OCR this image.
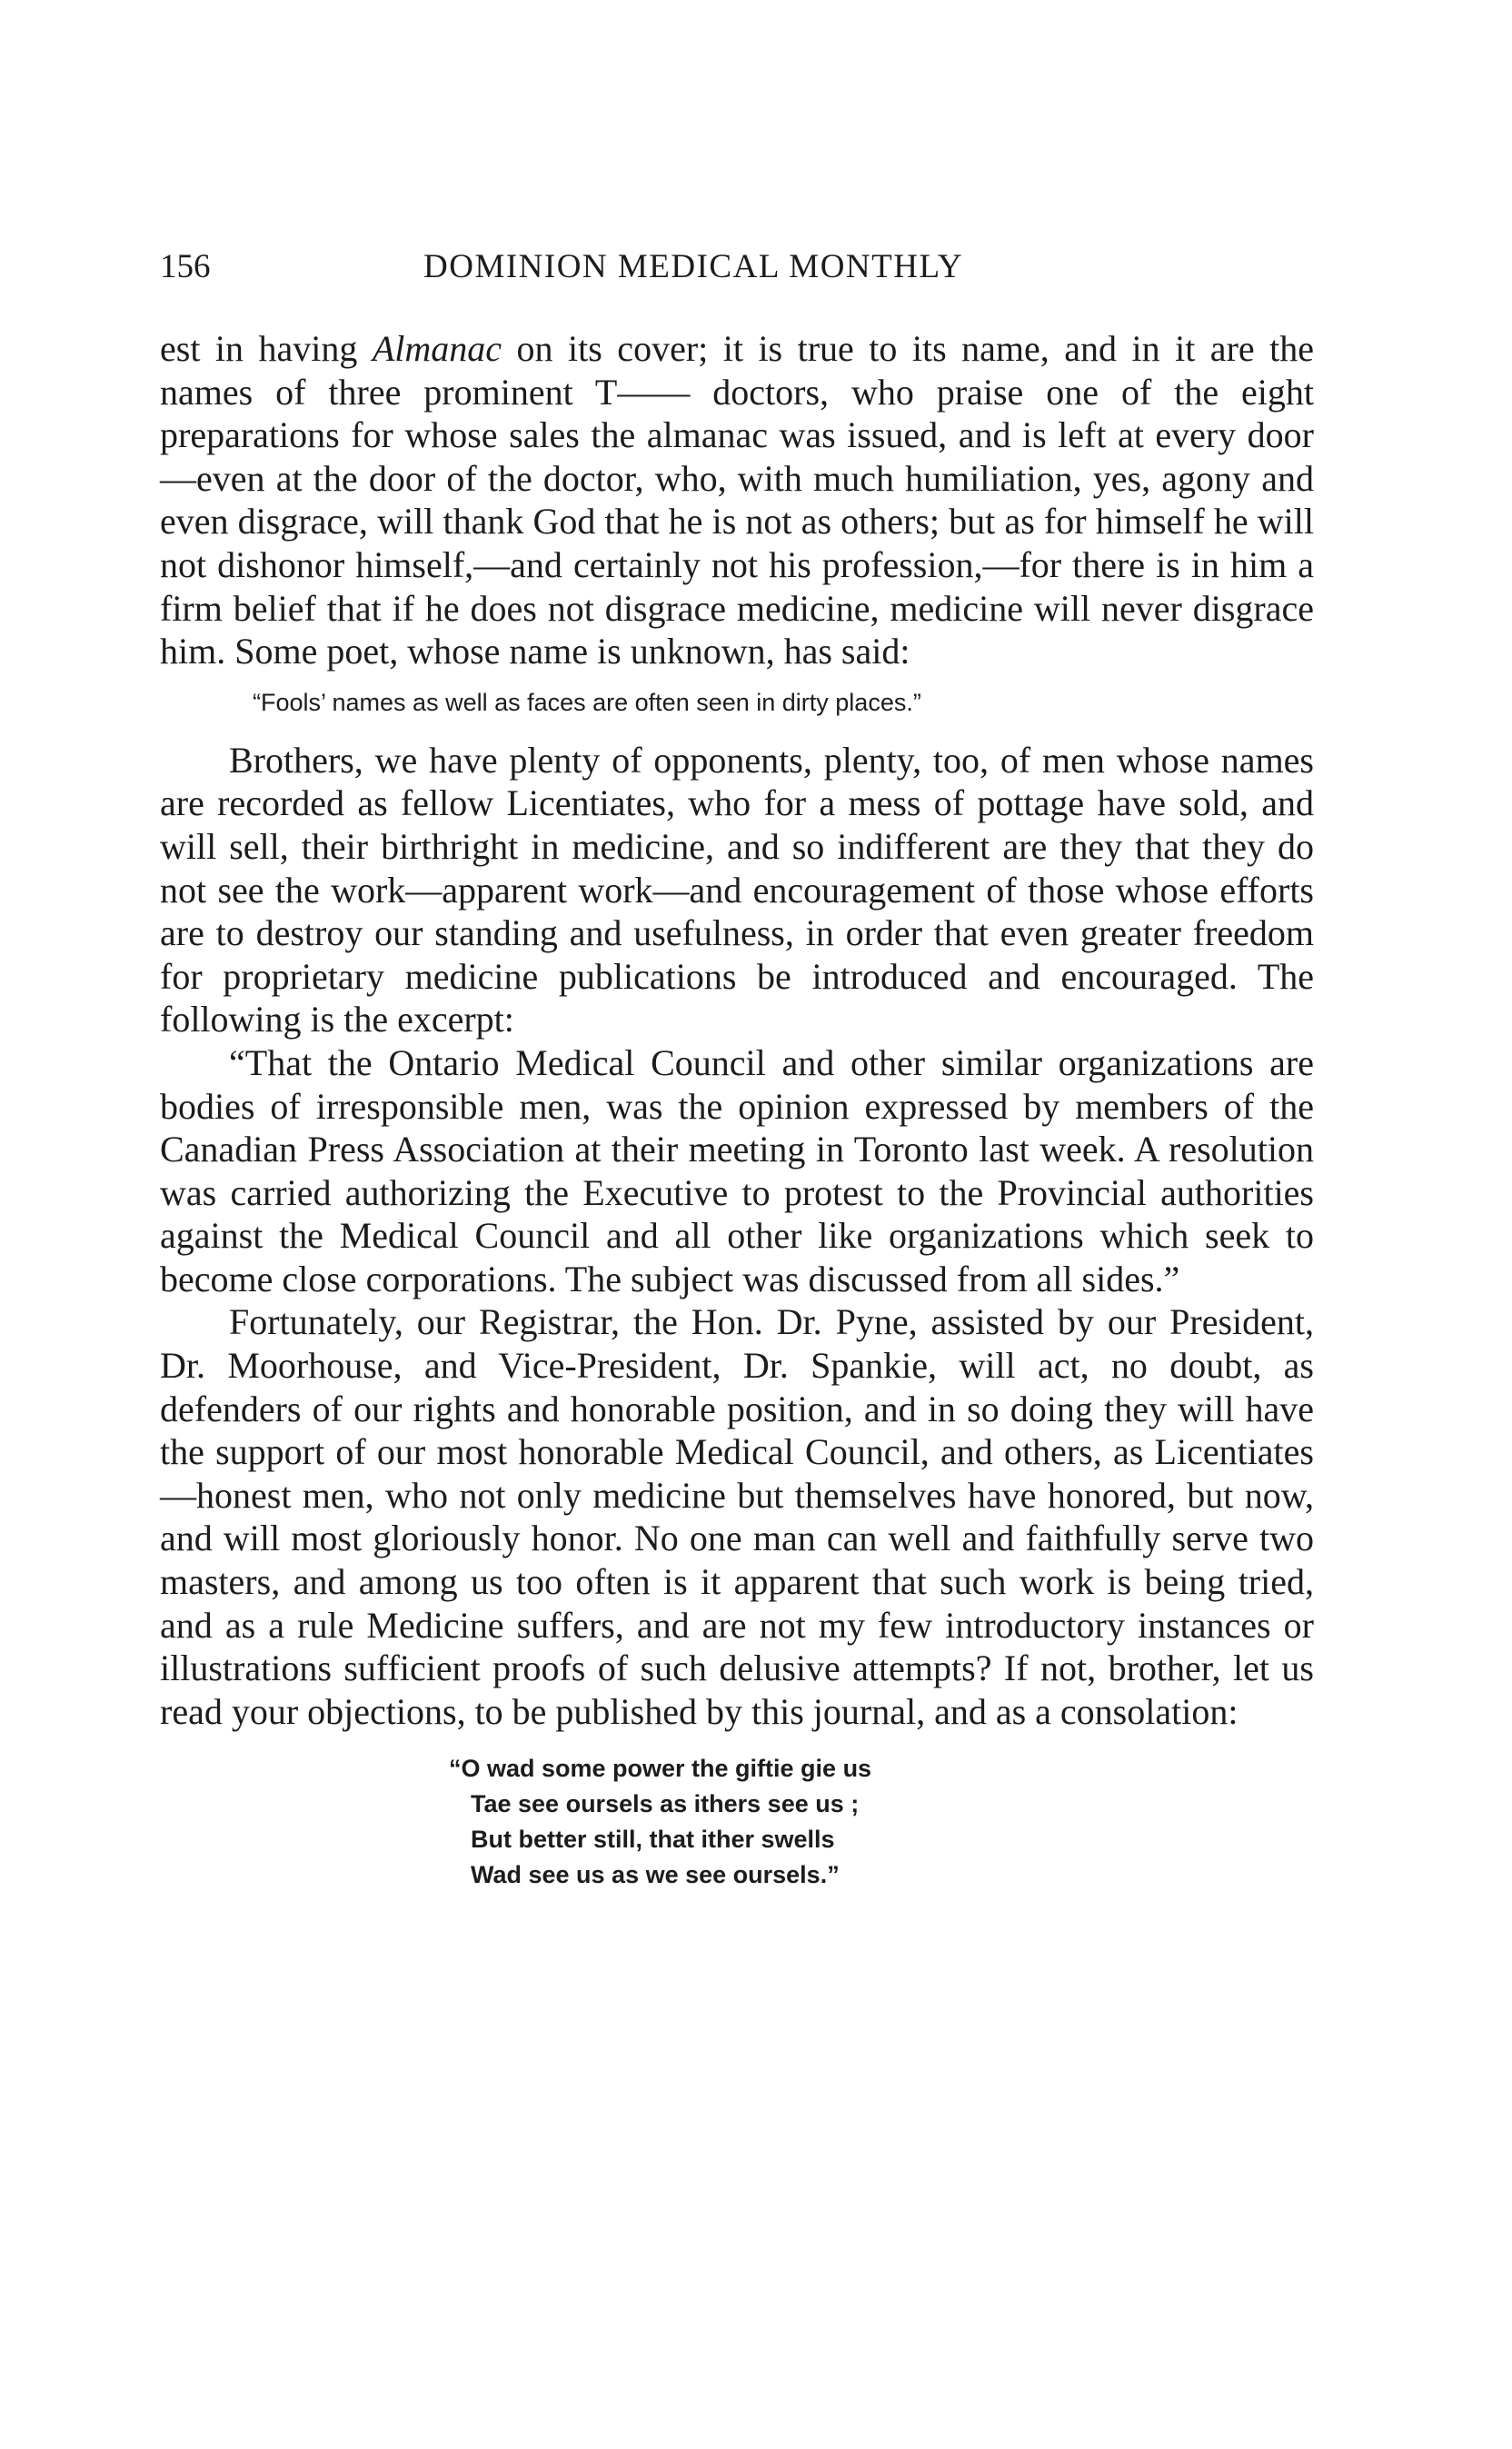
156	DOMINION MEDICAL MONTHLY

est in having Almanac on its cover; it is true to its name, and in it are the names of three prominent T—— doctors, who praise one of the eight preparations for whose sales the almanac was issued, and is left at every door—even at the door of the doctor, who, with much humiliation, yes, agony and even disgrace, will thank God that he is not as others; but as for himself he will not dishonor himself,—and certainly not his profession,—for there is in him a firm belief that if he does not disgrace medicine, medicine will never disgrace him. Some poet, whose name is unknown, has said:

“Fools’ names as well as faces are often seen in dirty places.”

Brothers, we have plenty of opponents, plenty, too, of men whose names are recorded as fellow Licentiates, who for a mess of pottage have sold, and will sell, their birthright in medicine, and so indifferent are they that they do not see the work—apparent work—and encouragement of those whose efforts are to destroy our standing and usefulness, in order that even greater freedom for proprietary medicine publications be introduced and encouraged. The following is the excerpt:

“That the Ontario Medical Council and other similar organizations are bodies of irresponsible men, was the opinion expressed by members of the Canadian Press Association at their meeting in Toronto last week. A resolution was carried authorizing the Executive to protest to the Provincial authorities against the Medical Council and all other like organizations which seek to become close corporations. The subject was discussed from all sides.”

Fortunately, our Registrar, the Hon. Dr. Pyne, assisted by our President, Dr. Moorhouse, and Vice-President, Dr. Spankie, will act, no doubt, as defenders of our rights and honorable position, and in so doing they will have the support of our most honorable Medical Council, and others, as Licentiates—honest men, who not only medicine but themselves have honored, but now, and will most gloriously honor. No one man can well and faithfully serve two masters, and among us too often is it apparent that such work is being tried, and as a rule Medicine suffers, and are not my few introductory instances or illustrations sufficient proofs of such delusive attempts? If not, brother, let us read your objections, to be published by this journal, and as a consolation:

“O wad some power the giftie gie us
Tae see oursels as ithers see us ;
But better still, that ither swells
Wad see us as we see oursels.”
